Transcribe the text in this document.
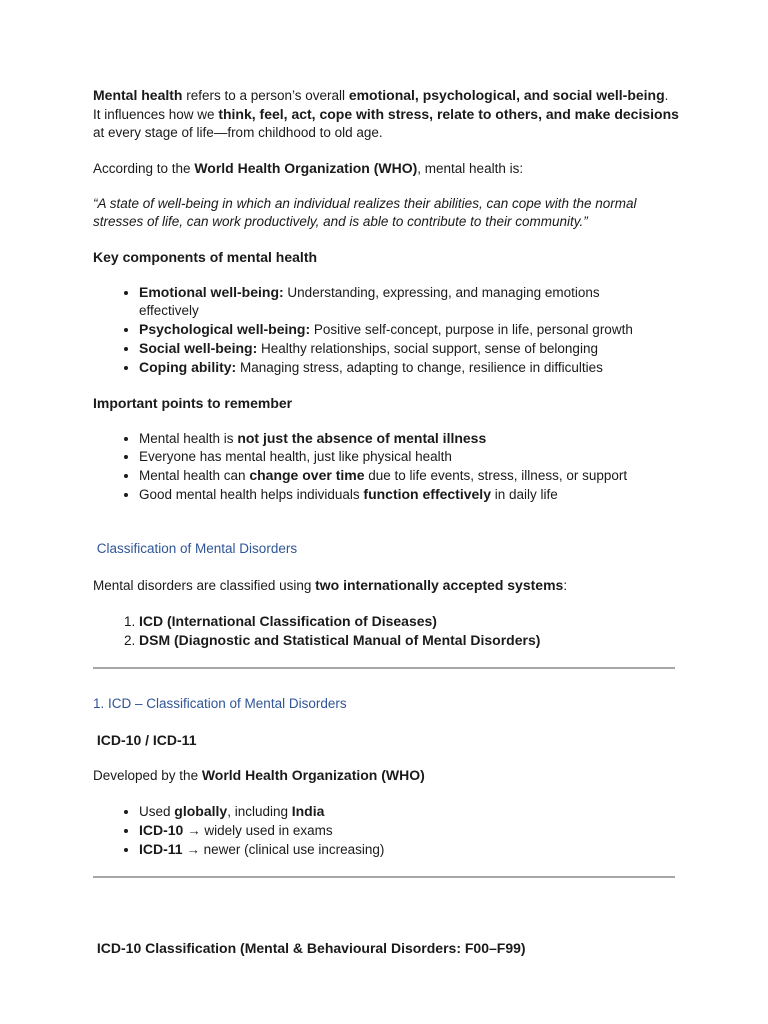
Mental health refers to a person’s overall emotional, psychological, and social well-being.
It influences how we think, feel, act, cope with stress, relate to others, and make decisions
at every stage of life—from childhood to old age.

According to the World Health Organization (WHO), mental health is:

“A state of well-being in which an individual realizes their abilities, can cope with the normal stresses of life, can work productively, and is able to contribute to their community.”

Key components of mental health

• Emotional well-being: Understanding, expressing, and managing emotions effectively
• Psychological well-being: Positive self-concept, purpose in life, personal growth
• Social well-being: Healthy relationships, social support, sense of belonging
• Coping ability: Managing stress, adapting to change, resilience in difficulties

Important points to remember

• Mental health is not just the absence of mental illness
• Everyone has mental health, just like physical health
• Mental health can change over time due to life events, stress, illness, or support
• Good mental health helps individuals function effectively in daily life

Classification of Mental Disorders

Mental disorders are classified using two internationally accepted systems:

1. ICD (International Classification of Diseases)
2. DSM (Diagnostic and Statistical Manual of Mental Disorders)

1. ICD – Classification of Mental Disorders

ICD-10 / ICD-11

Developed by the World Health Organization (WHO)

• Used globally, including India
• ICD-10 → widely used in exams
• ICD-11 → newer (clinical use increasing)

ICD-10 Classification (Mental & Behavioural Disorders: F00–F99)
